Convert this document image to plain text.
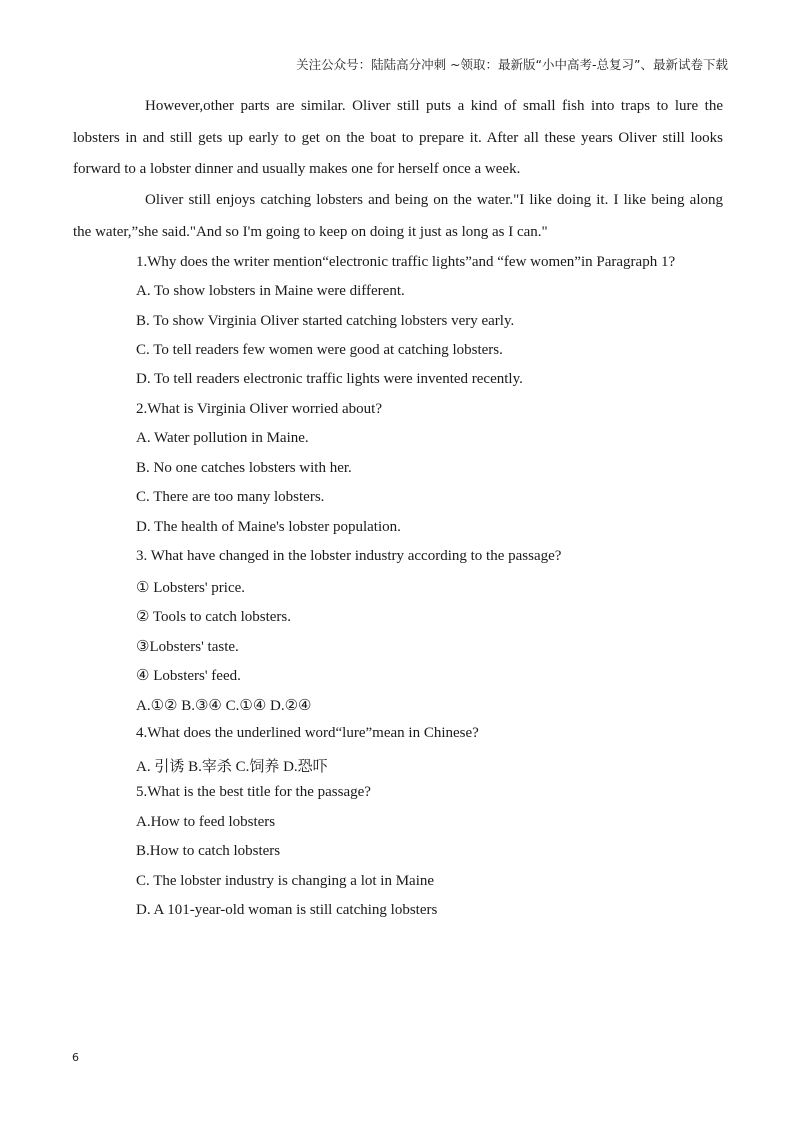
关注公众号：陆陆高分冲刺 ~领取：最新版“小中高考-总复习”、最新试卷下载

However,other parts are similar. Oliver still puts a kind of small fish into traps to lure the lobsters in and still gets up early to get on the boat to prepare it. After all these years Oliver still looks forward to a lobster dinner and usually makes one for herself once a week.

Oliver still enjoys catching lobsters and being on the water."I like doing it. I like being along the water,”she said."And so I'm going to keep on doing it just as long as I can."

1.Why does the writer mention“electronic traffic lights”and “few women”in Paragraph 1?
A. To show lobsters in Maine were different.
B. To show Virginia Oliver started catching lobsters very early.
C. To tell readers few women were good at catching lobsters.
D. To tell readers electronic traffic lights were invented recently.
2.What is Virginia Oliver worried about?
A. Water pollution in Maine.
B. No one catches lobsters with her.
C. There are too many lobsters.
D. The health of Maine's lobster population.
3. What have changed in the lobster industry according to the passage?
① Lobsters' price.
② Tools to catch lobsters.
③Lobsters' taste.
④ Lobsters' feed.
A.①② B.③④ C.①④ D.②④
4.What does the underlined word“lure”mean in Chinese?
A. 引诱 B.宰杀 C.饲养 D.恐吓
5.What is the best title for the passage?
A.How to feed lobsters
B.How to catch lobsters
C. The lobster industry is changing a lot in Maine
D. A 101-year-old woman is still catching lobsters
6
